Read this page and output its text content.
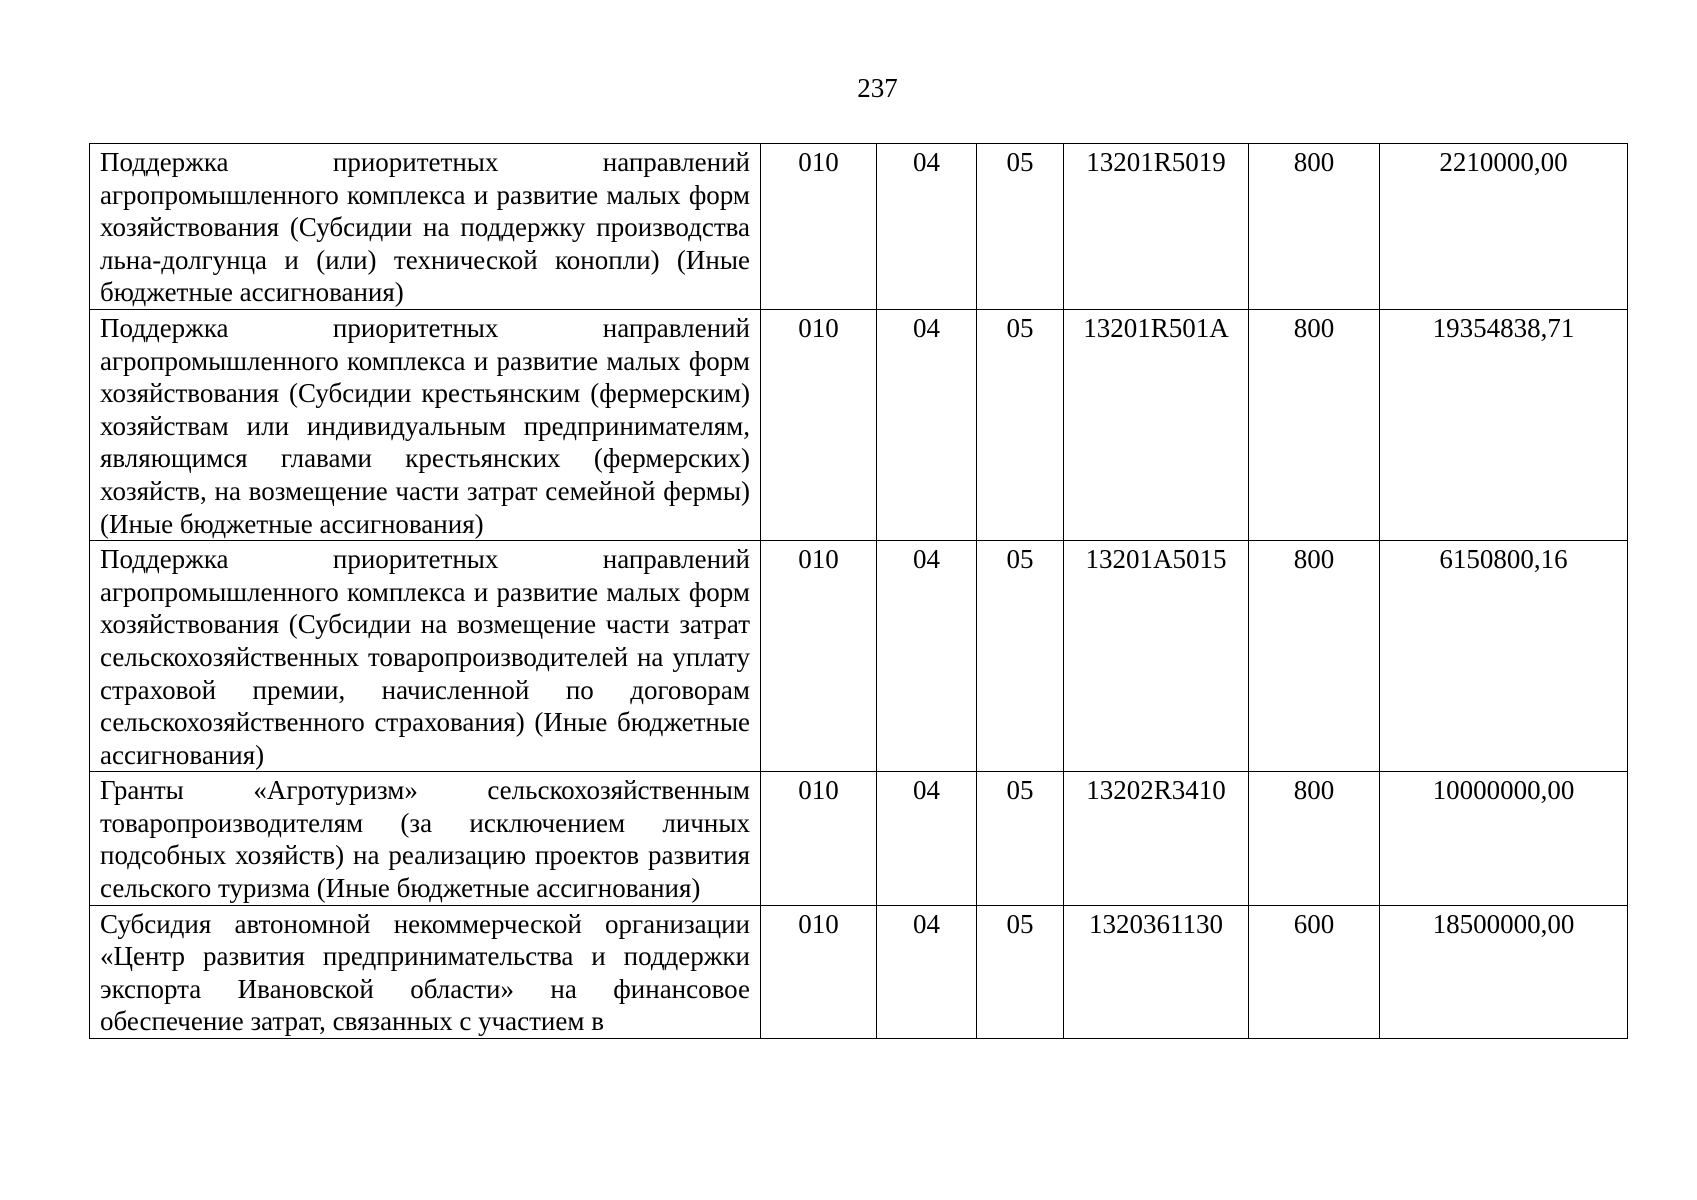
237
Поддержка приоритетных направлений агропромышленного комплекса и развитие малых форм хозяйствования (Субсидии на поддержку производства льна-долгунца и (или) технической конопли) (Иные бюджетные ассигнования)	010	04	05	13201R5019	800	2210000,00

Поддержка приоритетных направлений агропромышленного комплекса и развитие малых форм хозяйствования (Субсидии крестьянским (фермерским) хозяйствам или индивидуальным предпринимателям, являющимся главами крестьянских (фермерских) хозяйств, на возмещение части затрат семейной фермы) (Иные бюджетные ассигнования)	010	04	05	13201R501A	800	19354838,71

Поддержка приоритетных направлений агропромышленного комплекса и развитие малых форм хозяйствования (Субсидии на возмещение части затрат сельскохозяйственных товаропроизводителей на уплату страховой премии, начисленной по договорам сельскохозяйственного страхования) (Иные бюджетные ассигнования)	010	04	05	13201A5015	800	6150800,16

Гранты «Агротуризм» сельскохозяйственным товаропроизводителям (за исключением личных подсобных хозяйств) на реализацию проектов развития сельского туризма (Иные бюджетные ассигнования)	010	04	05	13202R3410	800	10000000,00

Субсидия автономной некоммерческой организации «Центр развития предпринимательства и поддержки экспорта Ивановской области» на финансовое обеспечение затрат, связанных с участием в	010	04	05	1320361130	600	18500000,00
